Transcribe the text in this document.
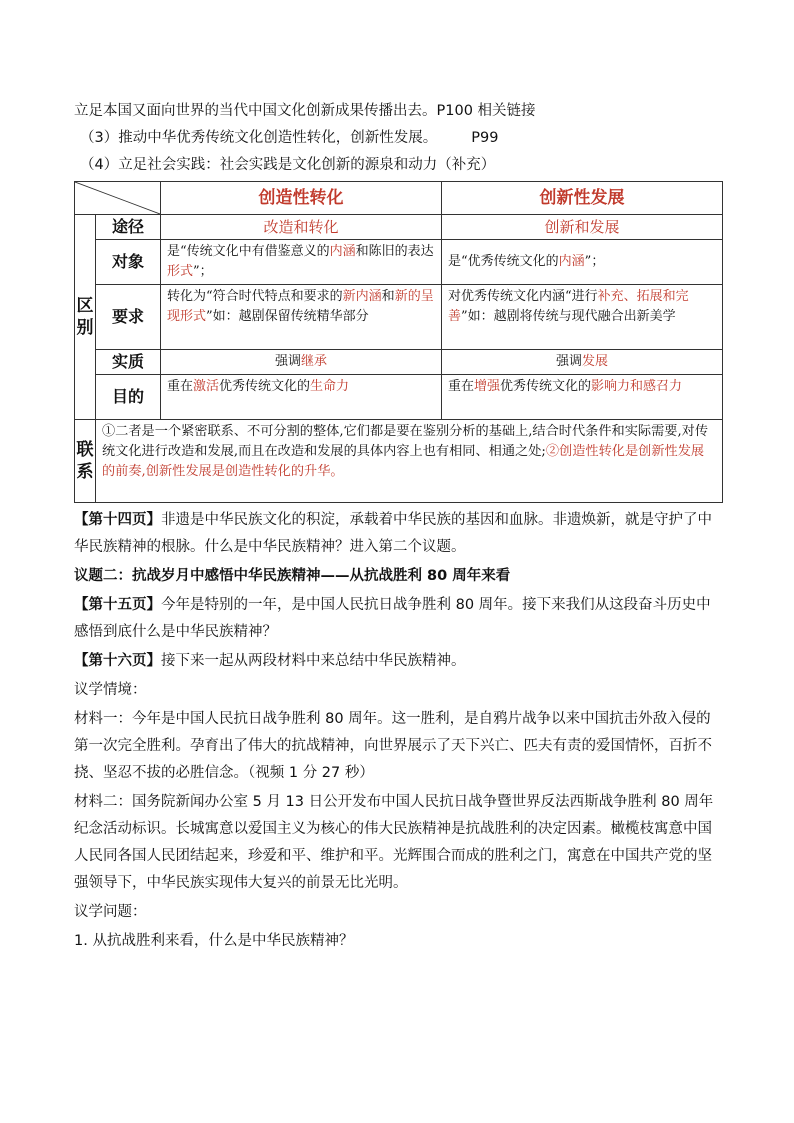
立足本国又面向世界的当代中国文化创新成果传播出去。P100 相关链接

（3）推动中华优秀传统文化创造性转化，创新性发展。 P99

（4）立足社会实践：社会实践是文化创新的源泉和动力（补充）

	创造性转化	创新性发展
区别	途径	改造和转化	创新和发展
	对象	是“传统文化中有借鉴意义的内涵和陈旧的表达形式”；	是“优秀传统文化的内涵”；
	要求	转化为“符合时代特点和要求的新内涵和新的呈现形式”如：越剧保留传统精华部分	对优秀传统文化内涵“进行补充、拓展和完善”如：越剧将传统与现代融合出新美学
	实质	强调继承	强调发展
	目的	重在激活优秀传统文化的生命力	重在增强优秀传统文化的影响力和感召力
联系	①二者是一个紧密联系、不可分割的整体,它们都是要在鉴别分析的基础上,结合时代条件和实际需要,对传统文化进行改造和发展,而且在改造和发展的具体内容上也有相同、相通之处;②创造性转化是创新性发展的前奏,创新性发展是创造性转化的升华。		

【第十四页】非遗是中华民族文化的积淀，承载着中华民族的基因和血脉。非遗焕新，就是守护了中华民族精神的根脉。什么是中华民族精神？进入第二个议题。

议题二：抗战岁月中感悟中华民族精神——从抗战胜利 80 周年来看

【第十五页】今年是特别的一年，是中国人民抗日战争胜利 80 周年。接下来我们从这段奋斗历史中感悟到底什么是中华民族精神？

【第十六页】接下来一起从两段材料中来总结中华民族精神。

议学情境：

材料一：今年是中国人民抗日战争胜利 80 周年。这一胜利，是自鸦片战争以来中国抗击外敌入侵的第一次完全胜利。孕育出了伟大的抗战精神，向世界展示了天下兴亡、匹夫有责的爱国情怀，百折不挠、坚忍不拔的必胜信念。（视频 1 分 27 秒）

材料二：国务院新闻办公室 5 月 13 日公开发布中国人民抗日战争暨世界反法西斯战争胜利 80 周年纪念活动标识。长城寓意以爱国主义为核心的伟大民族精神是抗战胜利的决定因素。橄榄枝寓意中国人民同各国人民团结起来，珍爱和平、维护和平。光辉围合而成的胜利之门，寓意在中国共产党的坚强领导下，中华民族实现伟大复兴的前景无比光明。

议学问题：

1. 从抗战胜利来看，什么是中华民族精神？
